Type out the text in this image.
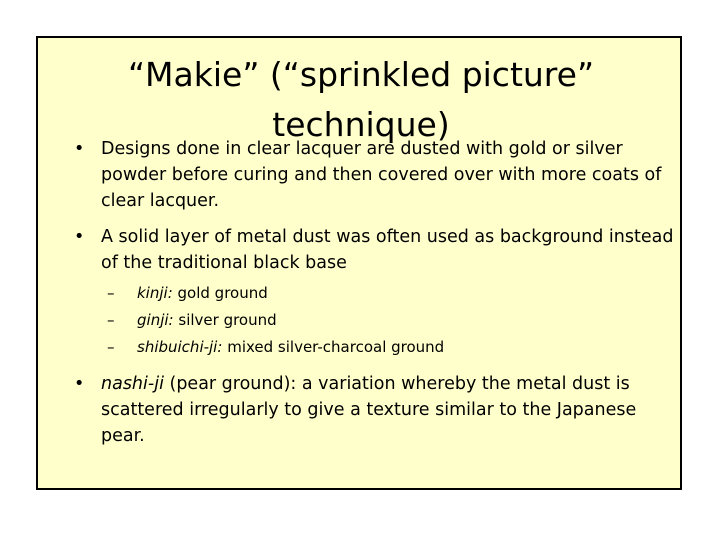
“Makie” (“sprinkled picture”
technique)
• Designs done in clear lacquer are dusted with gold or silver powder before curing and then covered over with more coats of clear lacquer.
• A solid layer of metal dust was often used as background instead of the traditional black base
– kinji: gold ground
– ginji: silver ground
– shibuichi-ji: mixed silver-charcoal ground
• nashi-ji (pear ground): a variation whereby the metal dust is scattered irregularly to give a texture similar to the Japanese pear.
